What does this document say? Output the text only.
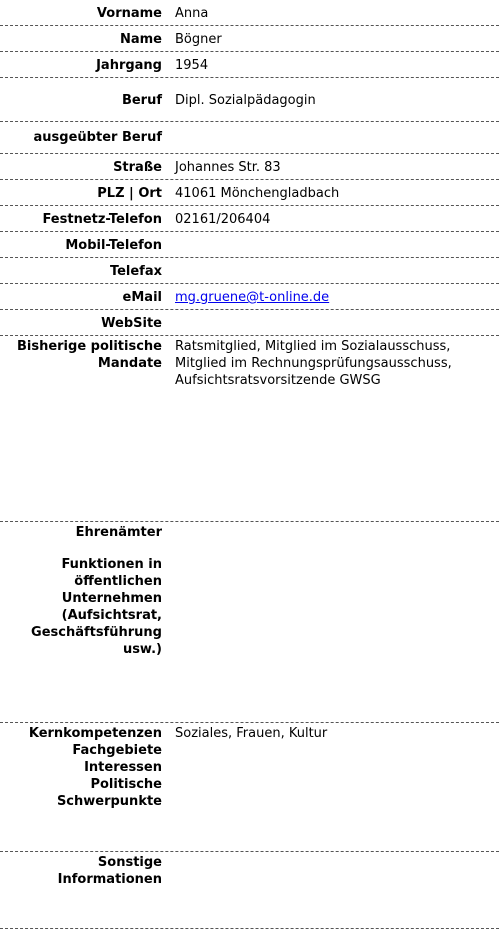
Vorname Anna
Name Bögner
Jahrgang 1954
Beruf Dipl. Sozialpädagogin
ausgeübter Beruf
Straße Johannes Str. 83
PLZ | Ort 41061 Mönchengladbach
Festnetz-Telefon 02161/206404
Mobil-Telefon
Telefax
eMail mg.gruene@t-online.de
WebSite
Bisherige politische
Mandate
Ratsmitglied, Mitglied im Sozialausschuss,
Mitglied im Rechnungsprüfungsausschuss,
Aufsichtsratsvorsitzende GWSG
Ehrenämter
Funktionen in
öffentlichen
Unternehmen
(Aufsichtsrat,
Geschäftsführung
usw.)
Kernkompetenzen
Fachgebiete
Interessen
Politische
Schwerpunkte
Soziales, Frauen, Kultur
Sonstige
Informationen
